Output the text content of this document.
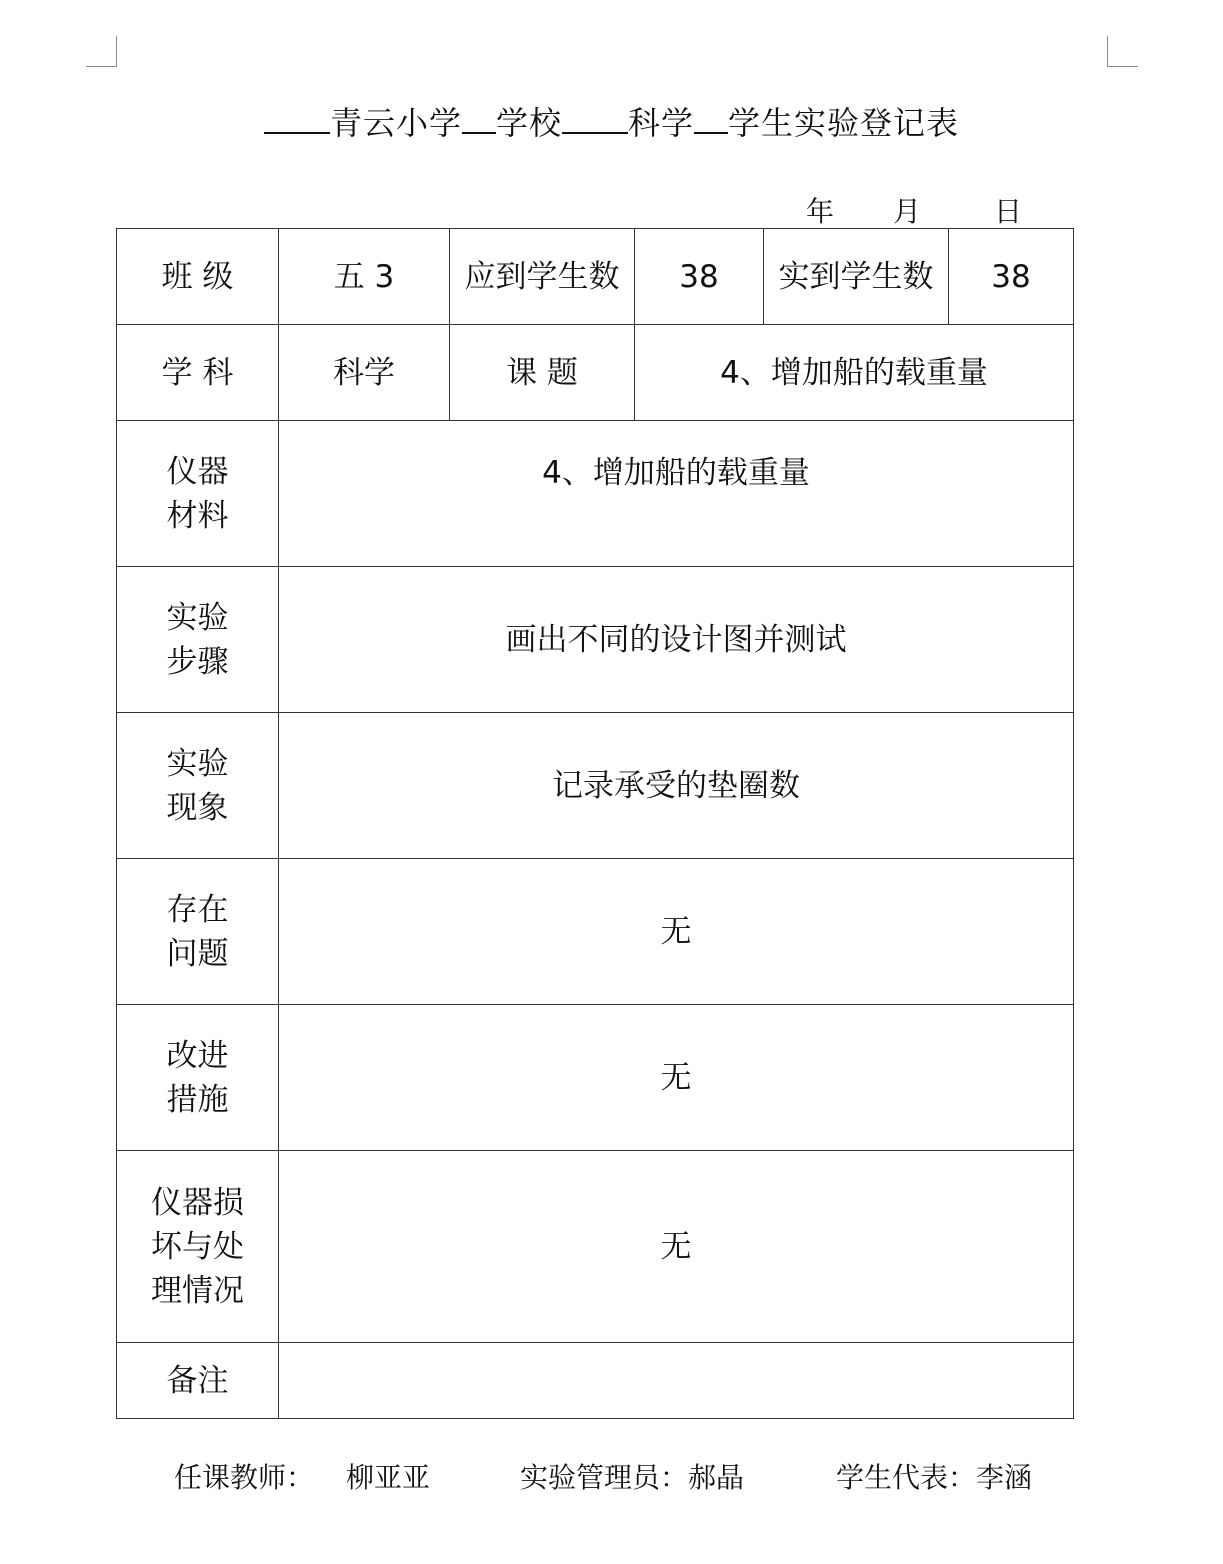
青云小学 学校 科学 学生实验登记表
年 月	日
班 级	五 3	应到学生数	38	实到学生数	38
学 科	科学	课 题	4、增加船的载重量		

仪器
材料	4、增加船的载重量				

实验
步骤	画出不同的设计图并测试				

实验
现象	记录承受的垫圈数				

存在
问题	无				

改进
措施	无				

仪器损
坏与处
理情况	无				
备注					
任课教师： 柳亚亚	实验管理员：郝晶	学生代表：李涵
